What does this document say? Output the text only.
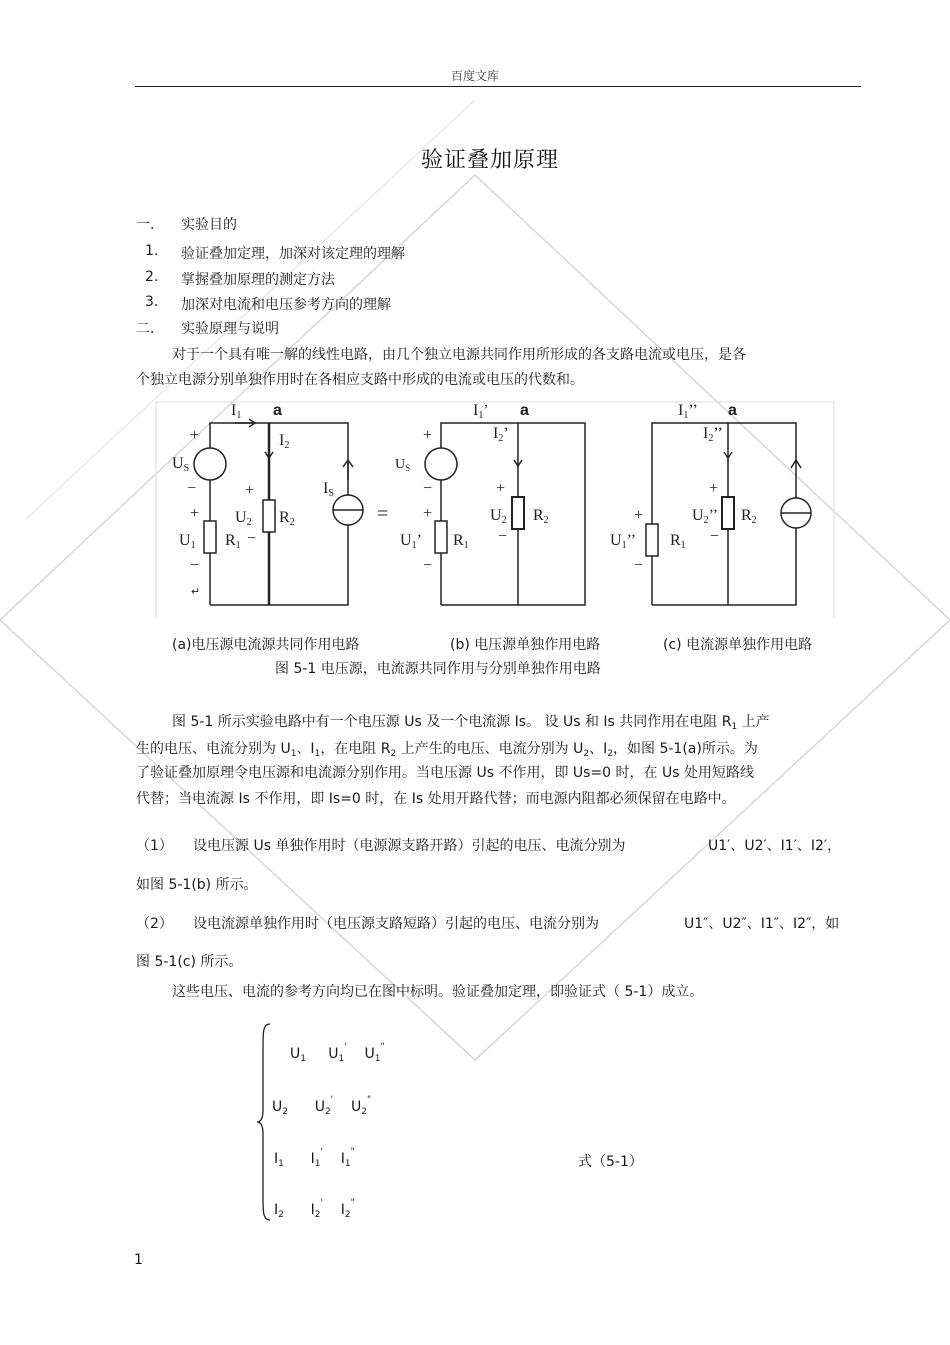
百度文库
验证叠加原理
一. 实验目的
1. 验证叠加定理，加深对该定理的理解
2. 掌握叠加原理的测定方法
3. 加深对电流和电压参考方向的理解
二. 实验原理与说明
对于一个具有唯一解的线性电路，由几个独立电源共同作用所形成的各支路电流或电压，是各
个独立电源分别单独作用时在各相应支路中形成的电流或电压的代数和。
I1 a
I2
+
US
−	+
U2 R2
−
+
U1 R1
−
↵
IS
=
I1’ a
I2’
+
$U_S$
−	+
U2 R2
−
+
U1’ R1
−
I1’’ a
I2’’
+
U2’’ R2
−
+
U1’’ R1
−
(a)电压源电流源共同作用电路	(b) 电压源单独作用电路	(c) 电流源单独作用电路
图 5-1 电压源，电流源共同作用与分别单独作用电路
图 5-1 所示实验电路中有一个电压源 Us 及一个电流源 Is。 设 Us 和 Is 共同作用在电阻 $R_1$ 上产
生的电压、电流分别为 $U_1$、$I_1$，在电阻 $R_2$ 上产生的电压、电流分别为 $U_2$、$I_2$，如图 5-1(a)所示。为
了验证叠加原理令电压源和电流源分别作用。当电压源 Us 不作用，即 Us=0 时，在 Us 处用短路线
代替；当电流源 Is 不作用，即 Is=0 时，在 Is 处用开路代替；而电源内阻都必须保留在电路中。
（1） 设电压源 Us 单独作用时（电源源支路开路）引起的电压、电流分别为	U1′、U2′、I1′、I2′，
如图 5-1(b) 所示。
（2） 设电流源单独作用时（电压源支路短路）引起的电压、电流分别为	U1″、U2″、I1″、I2″，如
图 5-1(c) 所示。
这些电压、电流的参考方向均已在图中标明。验证叠加定理，即验证式（ 5-1）成立。
$U_1$ $U_1'$ $U_1^"$
$U_2$ $U_2'$ $U_2^"$
$I_1$ $I_1'$ $I_1^"$
$I_2$ $I_2'$ $I_2^"$
式（5-1）
1
